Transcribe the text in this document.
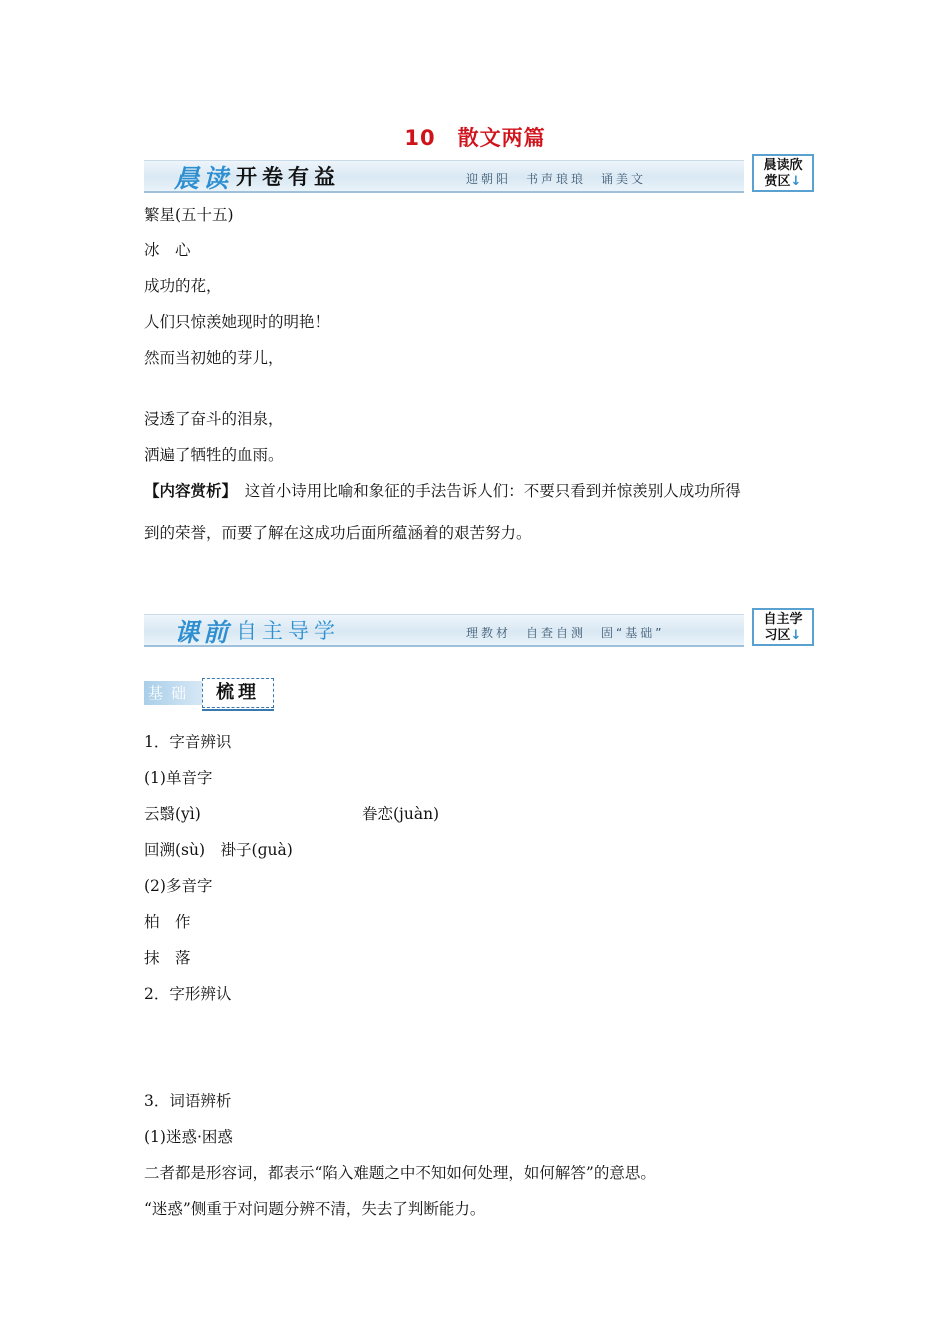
10　散文两篇
晨读 开卷有益	迎朝阳　书声琅琅　诵美文
晨读欣
赏区↓
繁星(五十五)
冰　心
成功的花，
人们只惊羡她现时的明艳！
然而当初她的芽儿，
浸透了奋斗的泪泉，
洒遍了牺牲的血雨。
【内容赏析】　这首小诗用比喻和象征的手法告诉人们：不要只看到并惊羡别人成功所得
到的荣誉，而要了解在这成功后面所蕴涵着的艰苦努力。
课前 自主导学	理教材　自查自测　固“基础”
自主学
习区↓
基础	梳理
1．字音辨识
(1)单音字
云翳(yì)	眷恋(juàn)
回溯(sù)　褂子(ɡuà)
(2)多音字
柏　作
抹　落
2．字形辨认
3．词语辨析
(1)迷惑·困惑
二者都是形容词，都表示“陷入难题之中不知如何处理，如何解答”的意思。
“迷惑”侧重于对问题分辨不清，失去了判断能力。
